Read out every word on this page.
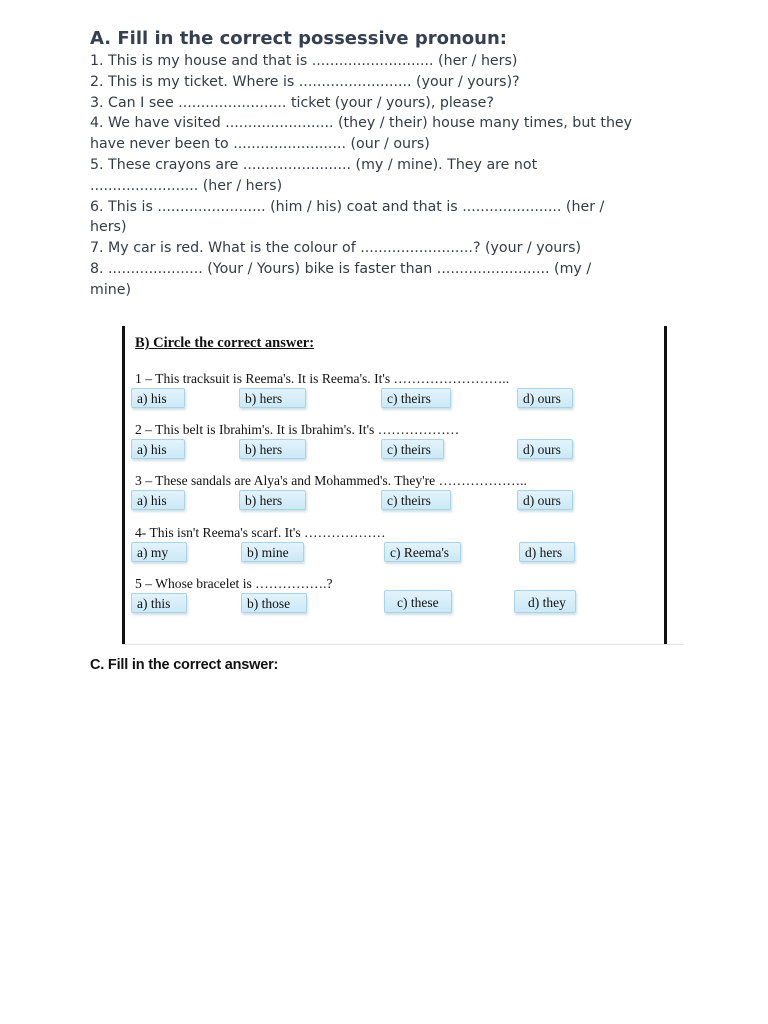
A. Fill in the correct possessive pronoun:
1. This is my house and that is ........................... (her / hers)
2. This is my ticket. Where is ......................... (your / yours)?
3. Can I see ........................ ticket (your / yours), please?
4. We have visited ........................ (they / their) house many times, but they
have never been to ......................... (our / ours)
5. These crayons are ........................ (my / mine). They are not
........................ (her / hers)
6. This is ........................ (him / his) coat and that is ...................... (her /
hers)
7. My car is red. What is the colour of .........................? (your / yours)
8. ..................... (Your / Yours) bike is faster than ......................... (my /
mine)
B) Circle the correct answer:
1 – This tracksuit is Reema's. It is Reema's. It's ……………………..
a) his	b) hers	c) theirs	d) ours
2 – This belt is Ibrahim's. It is Ibrahim's. It's ………………
a) his	b) hers	c) theirs	d) ours
3 – These sandals are Alya's and Mohammed's. They're ………………..
a) his	b) hers	c) theirs	d) ours
4- This isn't Reema's scarf. It's ………………
a) my	b) mine	c) Reema's	d) hers
5 – Whose bracelet is …………….?
a) this	b) those	c) these	d) they
C. Fill in the correct answer:
